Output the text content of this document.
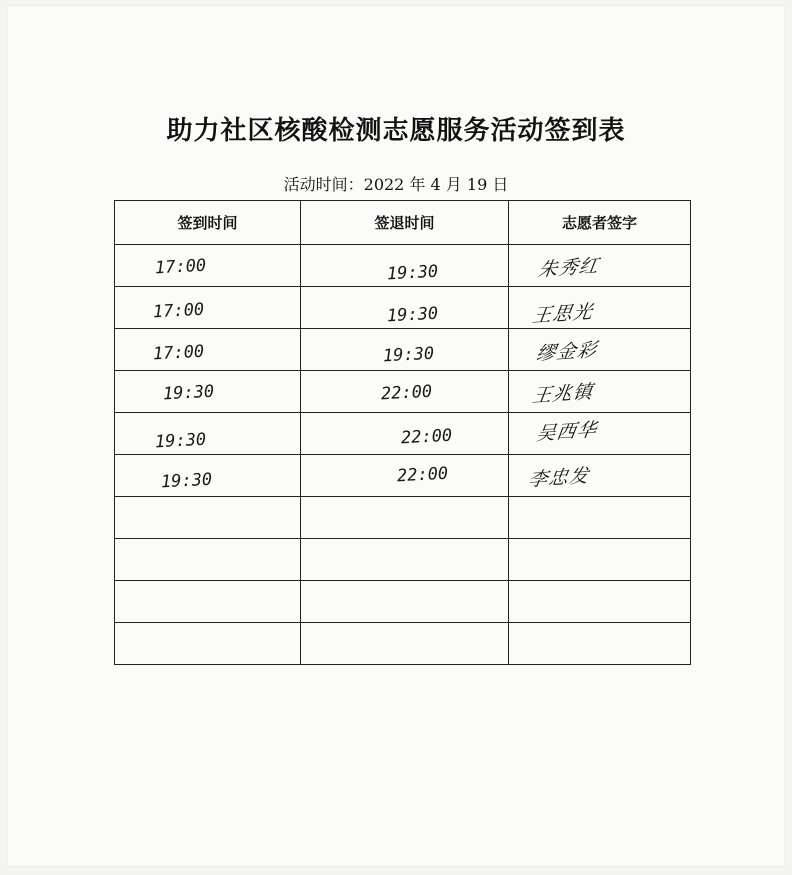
助力社区核酸检测志愿服务活动签到表
活动时间：2022 年 4 月 19 日
签到时间	签退时间	志愿者签字

17:00	19:30	朱秀红

17:00	19:30	王思光

17:00	19:30	缪金彩

19:30	22:00	王兆镇

19:30	22:00	吴西华

19:30	22:00	李忠发
